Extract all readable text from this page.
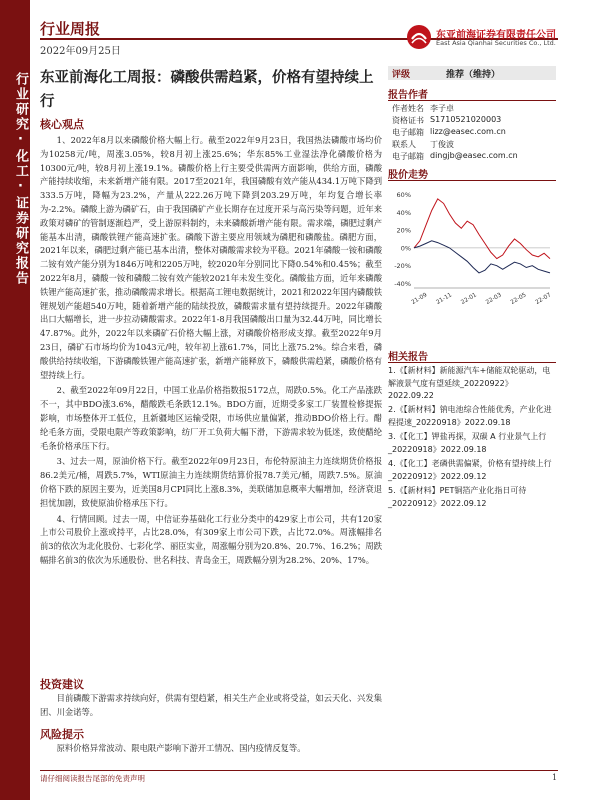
行业研究·化工·证券研究报告
行业周报
2022年09月25日
东亚前海证券有限责任公司
East Asia Qianhai Securities Co., Ltd.
东亚前海化工周报：磷酸供需趋紧，价格有望持续上行
核心观点

1、2022年8月以来磷酸价格大幅上行。截至2022年9月23日，我国热法磷酸市场均价为10258元/吨，周涨3.05%，较8月初上涨25.6%；华东85%工业湿法净化磷酸价格为10300元/吨，较8月初上涨19.1%。磷酸价格上行主要受供需两方面影响，供给方面，磷酸产能持续收缩，未来新增产能有限。2017至2021年，我国磷酸有效产能从434.1万吨下降到333.5万吨，降幅为23.2%，产量从222.26万吨下降到203.29万吨，年均复合增长率为-2.2%。磷酸上游为磷矿石，由于我国磷矿产业长期存在过度开采与高污染等问题，近年来政策对磷矿的管制逐渐趋严，受上游原料制约，未来磷酸新增产能有限。需求端，磷肥过剩产能基本出清，磷酸铁锂产能高速扩张。磷酸下游主要应用领域为磷肥和磷酸盐。磷肥方面，2021年以来，磷肥过剩产能已基本出清，整体对磷酸需求较为平稳。2021年磷酸一铵和磷酸二铵有效产能分别为1846万吨和2205万吨，较2020年分别同比下降0.54%和0.45%；截至2022年8月，磷酸一铵和磷酸二铵有效产能较2021年未发生变化。磷酸盐方面，近年来磷酸铁锂产能高速扩张，推动磷酸需求增长。根据高工锂电数据统计，2021和2022年国内磷酸铁锂规划产能超540万吨，随着新增产能的陆续投放，磷酸需求量有望持续提升。2022年磷酸出口大幅增长，进一步拉动磷酸需求。2022年1-8月我国磷酸出口量为32.44万吨，同比增长47.87%。此外，2022年以来磷矿石价格大幅上涨，对磷酸价格形成支撑。截至2022年9月23日，磷矿石市场均价为1043元/吨，较年初上涨61.7%，同比上涨75.2%。综合来看，磷酸供给持续收缩，下游磷酸铁锂产能高速扩张，新增产能释放下，磷酸供需趋紧，磷酸价格有望持续上行。

2、截至2022年09月22日，中国工业品价格指数报5172点，周跌0.5%。化工产品涨跌不一，其中BDO涨3.6%，醋酸跌毛条跌12.1%。BDO方面，近期受多家工厂装置检修提振影响，市场整体开工低位，且新疆地区运输受限，市场供应量偏紧，推动BDO价格上行。醋纶毛条方面，受限电限产等政策影响，纺厂开工负荷大幅下滑，下游需求较为低迷，致使醋纶毛条价格承压下行。

3、过去一周，原油价格下行。截至2022年09月23日，布伦特原油主力连续期货价格报86.2美元/桶，周跌5.7%，WTI原油主力连续期货结算价报78.7美元/桶，周跌7.5%。原油价格下跌的原因主要为，近美国8月CPI同比上涨8.3%，美联储加息概率大幅增加，经济衰退担忧加剧，致使原油价格承压下行。

4、行情回顾。过去一周，中信证券基础化工行业分类中的429家上市公司，共有120家上市公司股价上涨或持平，占比28.0%，有309家上市公司下跌，占比72.0%。周涨幅排名前3的依次为北化股份、七彩化学、丽臣实业，周涨幅分别为20.8%、20.7%、16.2%；周跌幅排名前3的依次为乐通股份、世名科技、青岛金王，周跌幅分别为28.2%、20%、17%。

投资建议

目前磷酸下游需求持续向好，供需有望趋紧，相关生产企业或将受益，如云天化、兴发集团、川金诺等。

风险提示

原料价格异常波动、限电限产影响下游开工情况、国内疫情反复等。

评级	推荐（维持）
报告作者
作者姓名 李子卓
资格证书 S1710521020003
电子邮箱 lizz@easec.com.cn
联系人 丁俊波
电子邮箱 dingjb@easec.com.cn
股价走势
60%
40%
20%
0%
-20%
-40%
21-09 21-11 22-01 22-03 22-05 22-07
相关报告
1.《【新材料】新能源汽车+储能双轮驱动，电解液景气度有望延续_20220922》2022.09.22
2.《【新材料】钠电池综合性能优秀，产业化进程提速_20220918》2022.09.18
3.《【化工】钾盐再探，双碳 A 行业景气上行_20220918》2022.09.18
4.《【化工】老磷供需偏紧，价格有望持续上行_20220912》2022.09.12
5.《【新材料】PET铜箔产业化指日可待_20220912》2022.09.12
请仔细阅读报告尾部的免责声明	1
